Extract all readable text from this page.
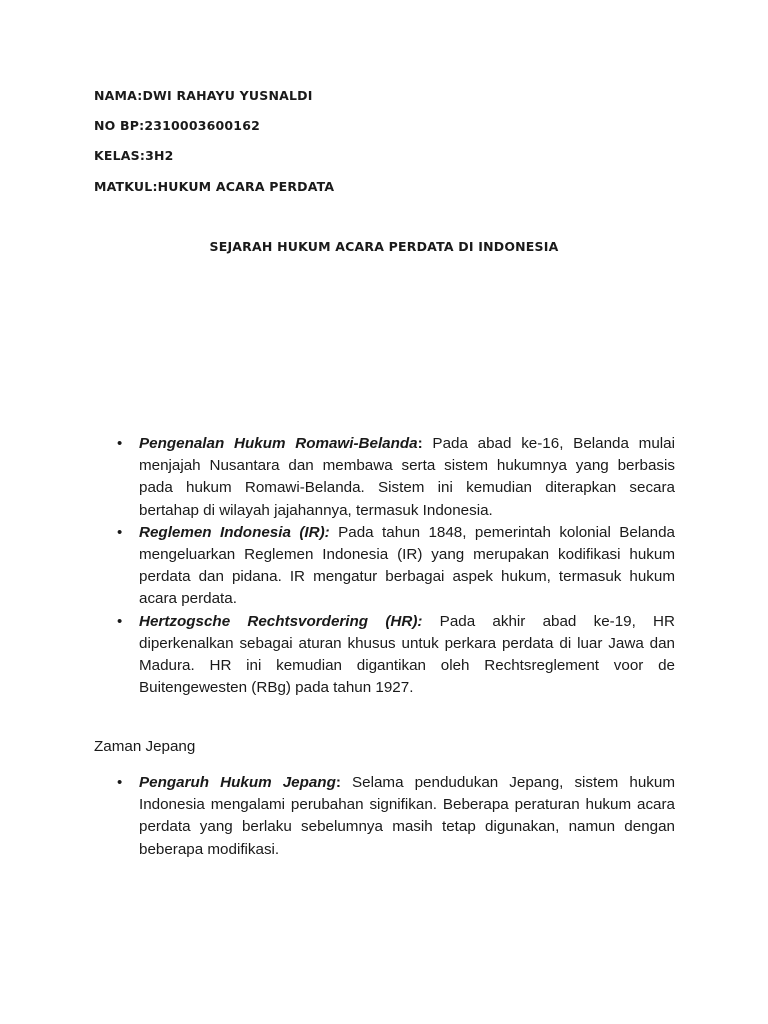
NAMA:DWI RAHAYU YUSNALDI
NO BP:2310003600162
KELAS:3H2
MATKUL:HUKUM ACARA PERDATA
SEJARAH HUKUM ACARA PERDATA DI INDONESIA
• Pengenalan Hukum Romawi-Belanda: Pada abad ke-16, Belanda mulai menjajah Nusantara dan membawa serta sistem hukumnya yang berbasis pada hukum Romawi-Belanda. Sistem ini kemudian diterapkan secara bertahap di wilayah jajahannya, termasuk Indonesia.
• Reglemen Indonesia (IR): Pada tahun 1848, pemerintah kolonial Belanda mengeluarkan Reglemen Indonesia (IR) yang merupakan kodifikasi hukum perdata dan pidana. IR mengatur berbagai aspek hukum, termasuk hukum acara perdata.
• Hertzogsche Rechtsvordering (HR): Pada akhir abad ke-19, HR diperkenalkan sebagai aturan khusus untuk perkara perdata di luar Jawa dan Madura. HR ini kemudian digantikan oleh Rechtsreglement voor de Buitengewesten (RBg) pada tahun 1927.
Zaman Jepang
• Pengaruh Hukum Jepang: Selama pendudukan Jepang, sistem hukum Indonesia mengalami perubahan signifikan. Beberapa peraturan hukum acara perdata yang berlaku sebelumnya masih tetap digunakan, namun dengan beberapa modifikasi.
